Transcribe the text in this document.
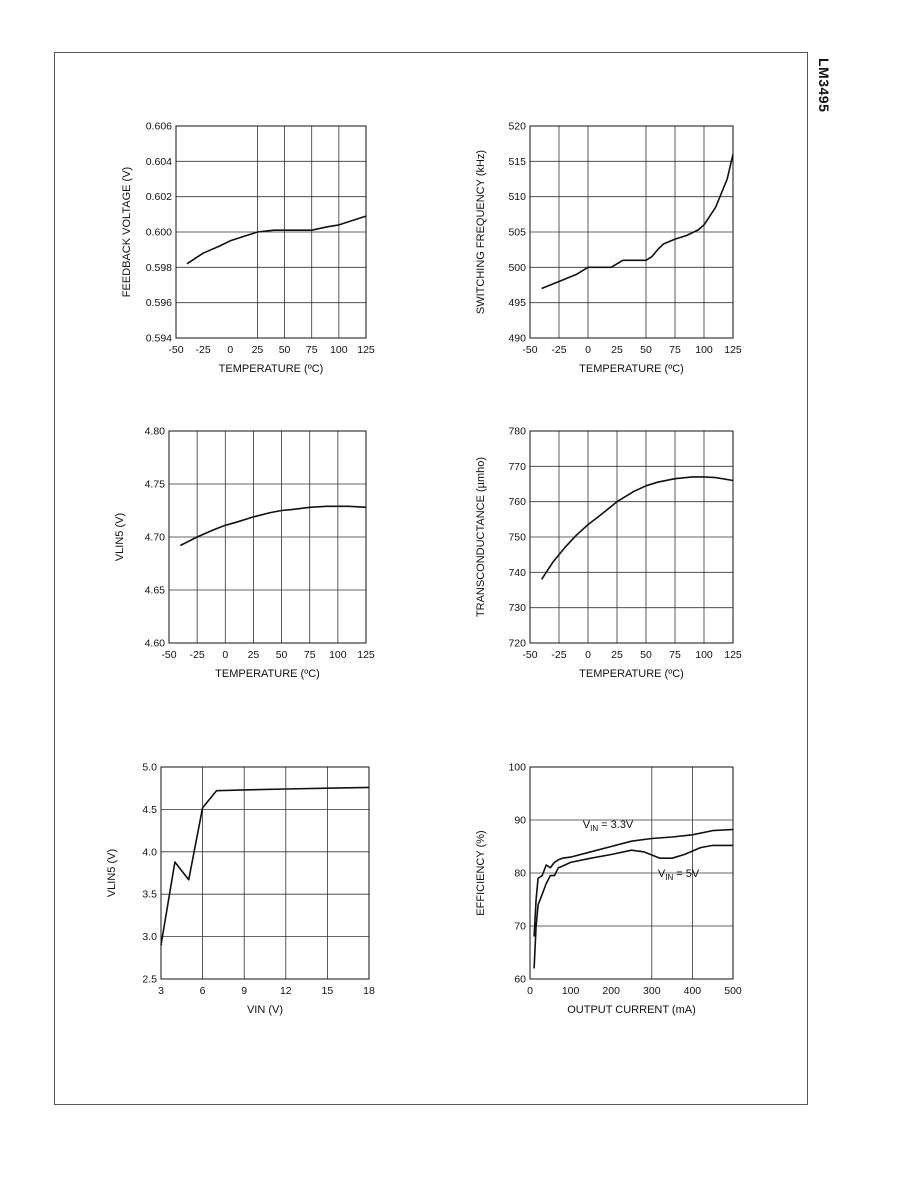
LM3495
-50 -25 0 25 50 75 100 125
0.594
0.596
0.598
0.600
0.602
0.604
0.606
TEMPERATURE (ºC)
FEEDBACK VOLTAGE (V)
-50 -25 0 25 50 75 100 125
490
495
500
505
510
515
520
TEMPERATURE (ºC)
SWITCHING FREQUENCY (kHz)
-50 -25 0 25 50 75 100 125
4.60
4.65
4.70
4.75
4.80
TEMPERATURE (ºC)
VLIN5 (V)
-50 -25 0 25 50 75 100 125
720
730
740
750
760
770
780
TEMPERATURE (ºC)
TRANSCONDUCTANCE (µmho)
3	6	9	12	15	18
2.5
3.0
3.5
4.0
4.5
5.0
VIN (V)
VLIN5 (V)
0	100 200 300 400 500
60
70
80
90
100
OUTPUT CURRENT (mA)
EFFICIENCY (%)
$V_{IN} = 3.3V$
$V_{IN} = 5V$
